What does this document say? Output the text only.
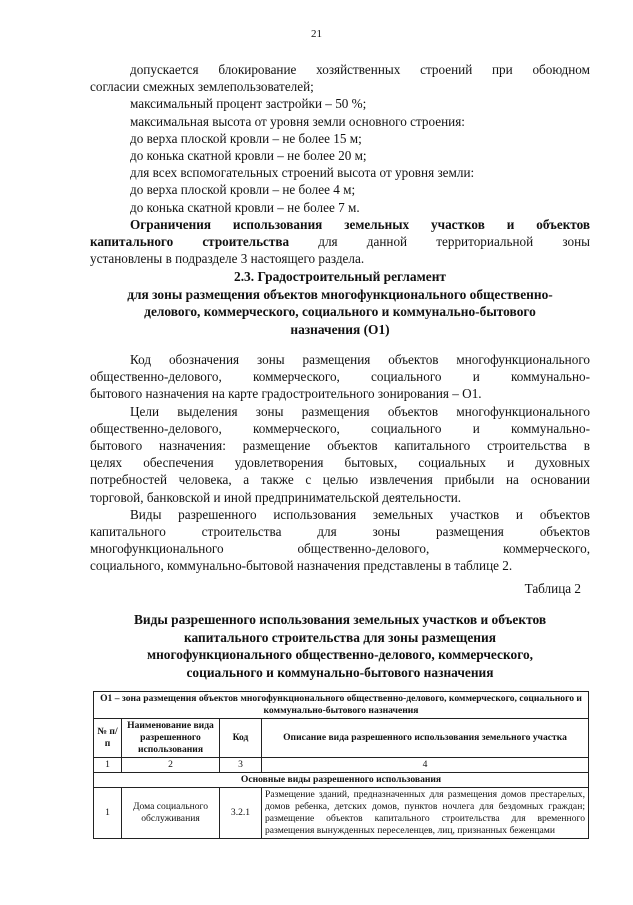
21
допускается блокирование хозяйственных строений при обоюдном
согласии смежных землепользователей;
максимальный процент застройки – 50 %;
максимальная высота от уровня земли основного строения:
до верха плоской кровли – не более 15 м;
до конька скатной кровли – не более 20 м;
для всех вспомогательных строений высота от уровня земли:
до верха плоской кровли – не более 4 м;
до конька скатной кровли – не более 7 м.
Ограничения использования земельных участков и объектов
капитального строительства для данной территориальной зоны
установлены в подразделе 3 настоящего раздела.
2.3. Градостроительный регламент
для зоны размещения объектов многофункционального общественно-
делового, коммерческого, социального и коммунально-бытового
назначения (О1)
Код обозначения зоны размещения объектов многофункционального
общественно-делового, коммерческого, социального и коммунально-
бытового назначения на карте градостроительного зонирования – О1.
Цели выделения зоны размещения объектов многофункционального
общественно-делового, коммерческого, социального и коммунально-
бытового назначения: размещение объектов капитального строительства в
целях обеспечения удовлетворения бытовых, социальных и духовных
потребностей человека, а также с целью извлечения прибыли на основании
торговой, банковской и иной предпринимательской деятельности.
Виды разрешенного использования земельных участков и объектов
капитального строительства для зоны размещения объектов
многофункционального общественно-делового, коммерческого,
социального, коммунально-бытовой назначения представлены в таблице 2.
Таблица 2
Виды разрешенного использования земельных участков и объектов
капитального строительства для зоны размещения
многофункционального общественно-делового, коммерческого,
социального и коммунально-бытового назначения
О1 – зона размещения объектов многофункционального общественно-делового, коммерческого, социального и коммунально-бытового назначения			
№ п/п	Наименование вида разрешенного использования	Код	Описание вида разрешенного использования земельного участка
1	2	3	4
Основные виды разрешенного использования			
1	Дома социального обслуживания	3.2.1	Размещение зданий, предназначенных для размещения домов престарелых, домов ребенка, детских домов, пунктов ночлега для бездомных граждан; размещение объектов капитального строительства для временного размещения вынужденных переселенцев, лиц, признанных беженцами
